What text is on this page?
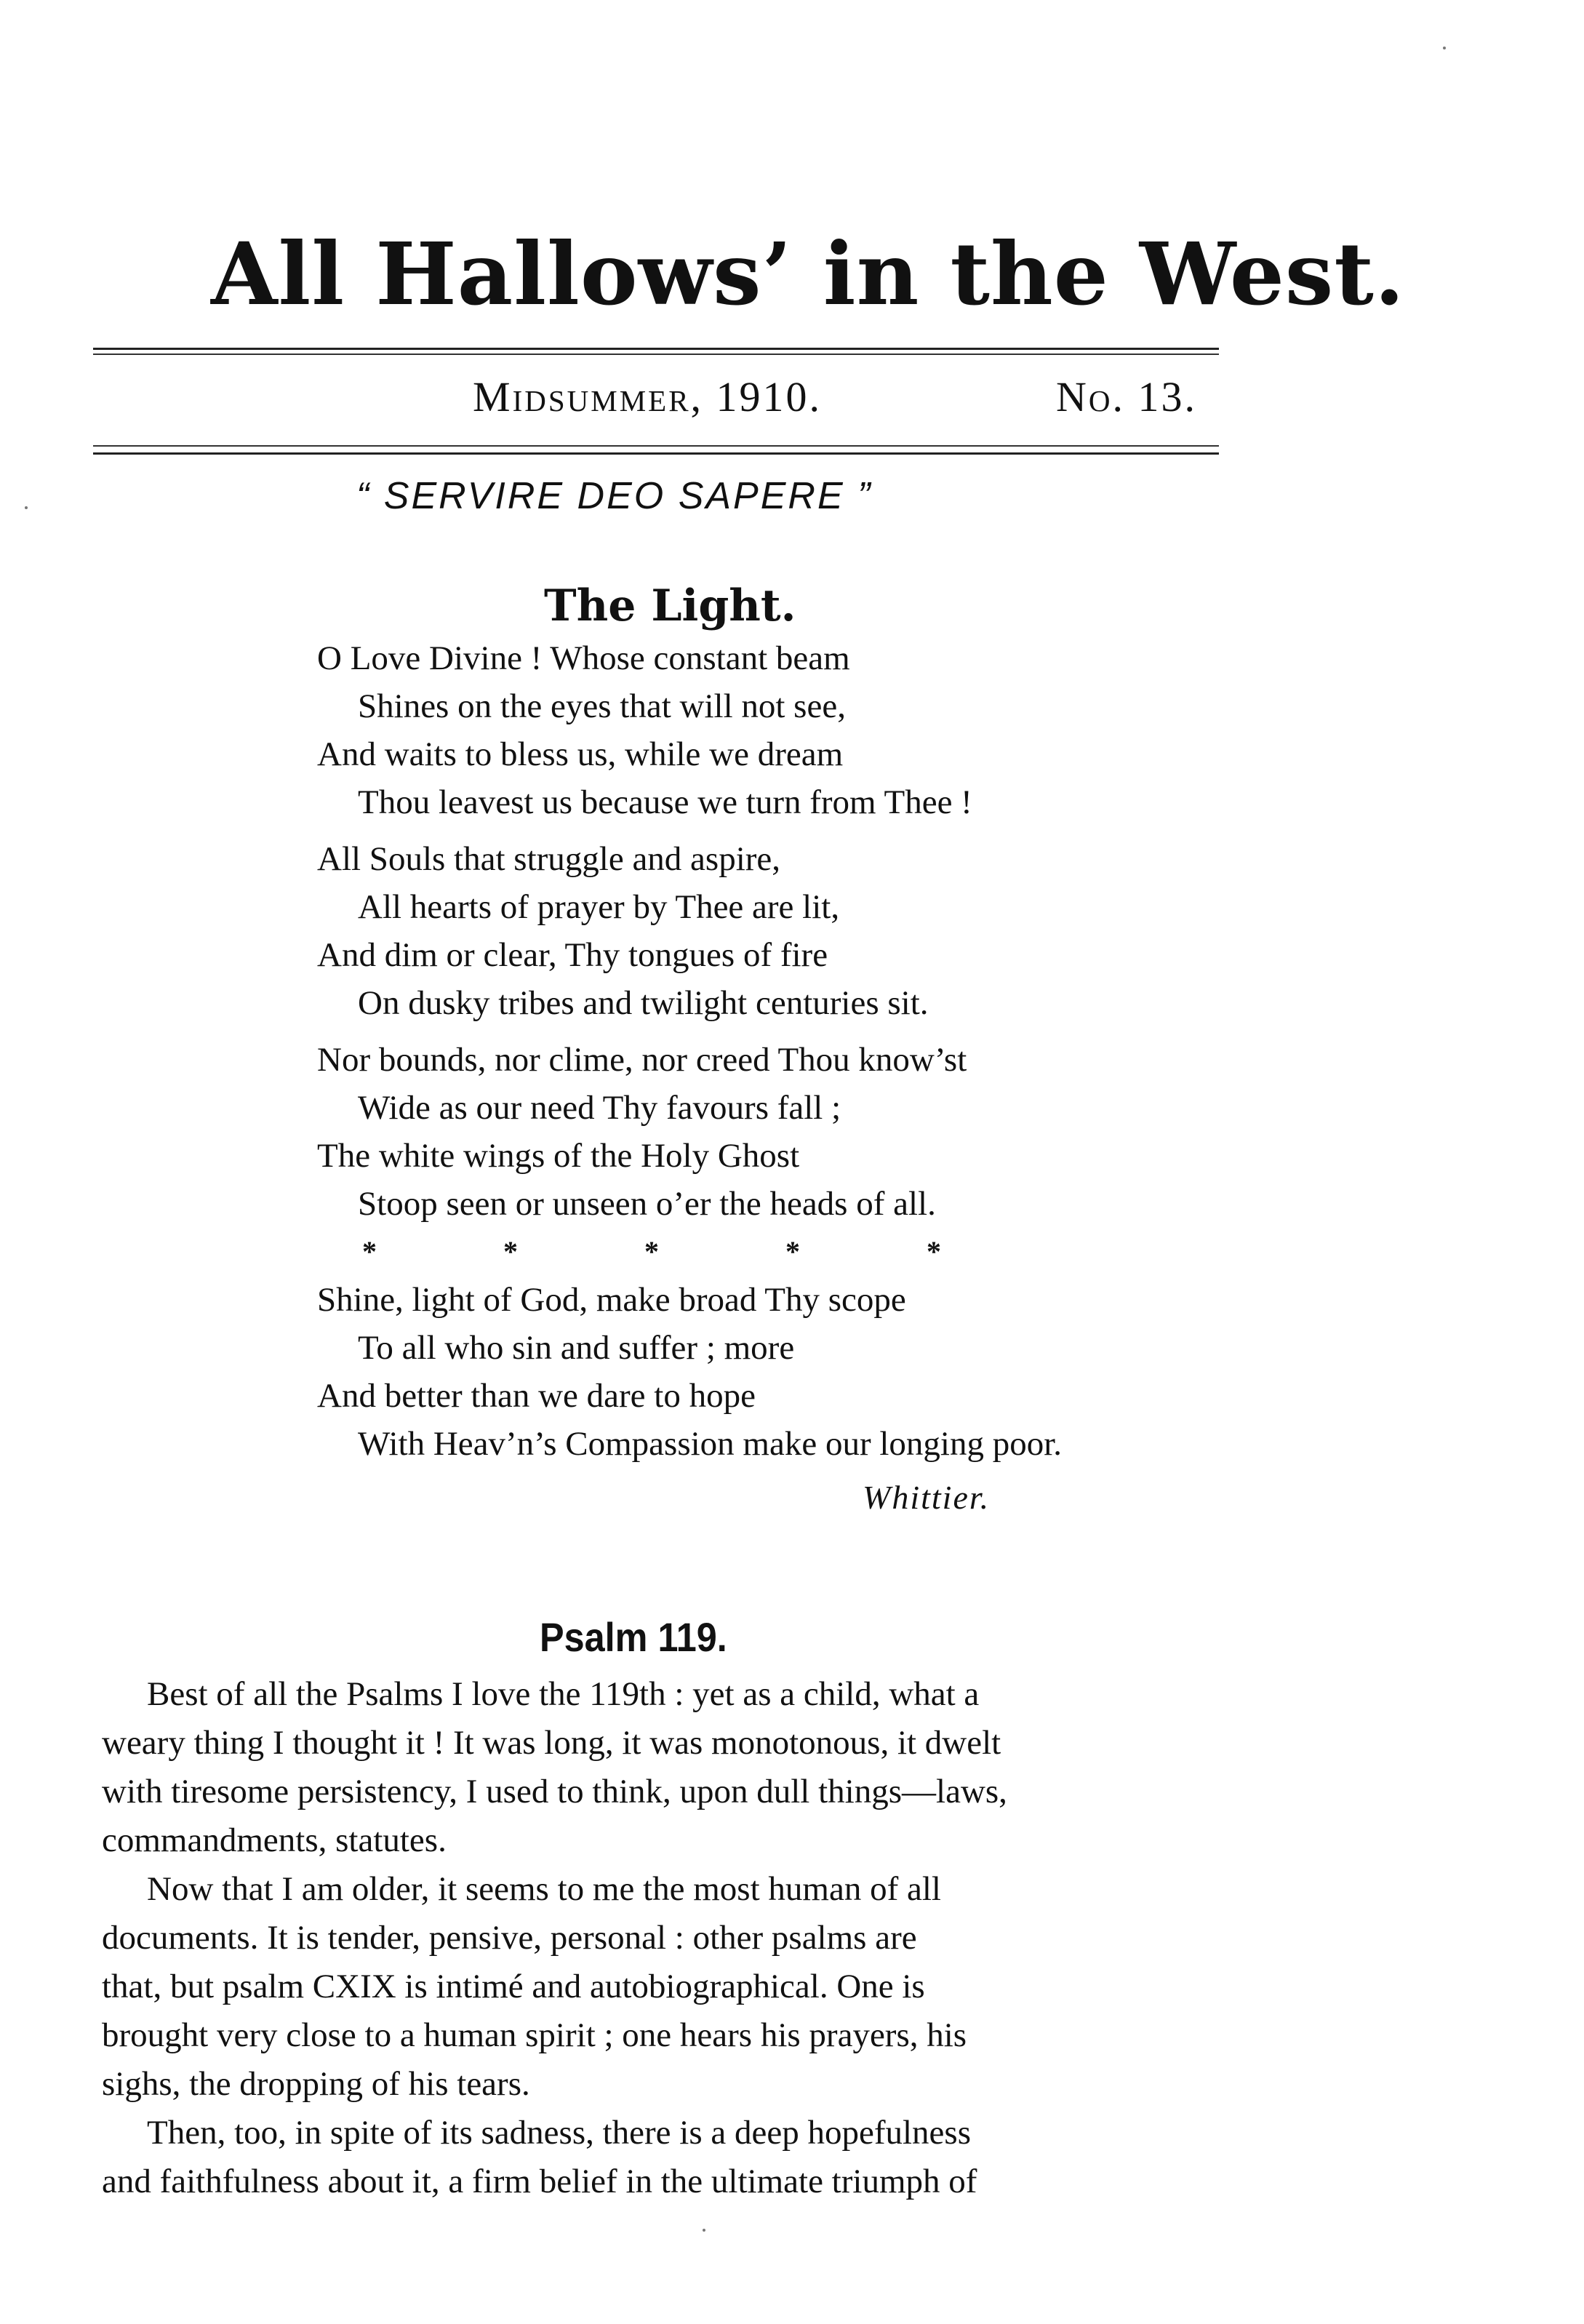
All Hallows’ in the West.
Midsummer, 1910.	No. 13.
“ SERVIRE DEO SAPERE ”
The Light.
O Love Divine ! Whose constant beam
Shines on the eyes that will not see,
And waits to bless us, while we dream
Thou leavest us because we turn from Thee !
All Souls that struggle and aspire,
All hearts of prayer by Thee are lit,
And dim or clear, Thy tongues of fire
On dusky tribes and twilight centuries sit.
Nor bounds, nor clime, nor creed Thou know’st
Wide as our need Thy favours fall ;
The white wings of the Holy Ghost
Stoop seen or unseen o’er the heads of all.
*	*	*	*	*
Shine, light of God, make broad Thy scope
To all who sin and suffer ; more
And better than we dare to hope
With Heav’n’s Compassion make our longing poor.
Whittier.
Psalm 119.
Best of all the Psalms I love the 119th : yet as a child, what a
weary thing I thought it ! It was long, it was monotonous, it dwelt
with tiresome persistency, I used to think, upon dull things—laws,
commandments, statutes.
Now that I am older, it seems to me the most human of all
documents. It is tender, pensive, personal : other psalms are
that, but psalm CXIX is intimé and autobiographical. One is
brought very close to a human spirit ; one hears his prayers, his
sighs, the dropping of his tears.
Then, too, in spite of its sadness, there is a deep hopefulness
and faithfulness about it, a firm belief in the ultimate triumph of
